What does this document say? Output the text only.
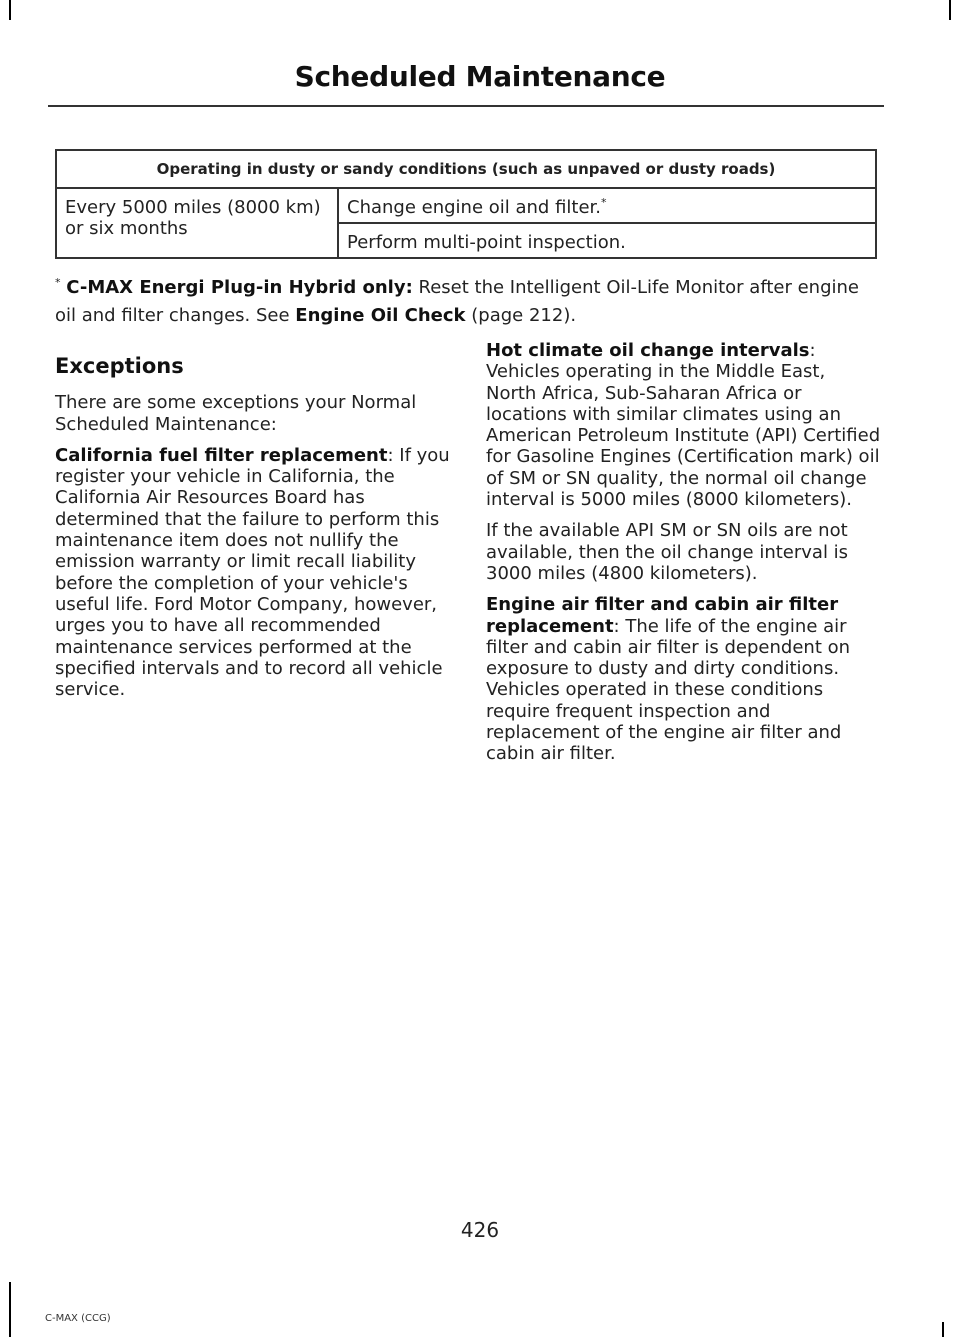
Scheduled Maintenance
Operating in dusty or sandy conditions (such as unpaved or dusty roads)
Every 5000 miles (8000 km) or six months	Change engine oil and filter.*
Perform multi-point inspection.

* C-MAX Energi Plug-in Hybrid only: Reset the Intelligent Oil-Life Monitor after engine oil and filter changes. See Engine Oil Check (page 212).

Exceptions

There are some exceptions your Normal Scheduled Maintenance:

California fuel filter replacement: If you register your vehicle in California, the California Air Resources Board has determined that the failure to perform this maintenance item does not nullify the emission warranty or limit recall liability before the completion of your vehicle's useful life. Ford Motor Company, however, urges you to have all recommended maintenance services performed at the specified intervals and to record all vehicle service.

Hot climate oil change intervals: Vehicles operating in the Middle East, North Africa, Sub-Saharan Africa or locations with similar climates using an American Petroleum Institute (API) Certified for Gasoline Engines (Certification mark) oil of SM or SN quality, the normal oil change interval is 5000 miles (8000 kilometers).

If the available API SM or SN oils are not available, then the oil change interval is 3000 miles (4800 kilometers).

Engine air filter and cabin air filter replacement: The life of the engine air filter and cabin air filter is dependent on exposure to dusty and dirty conditions. Vehicles operated in these conditions require frequent inspection and replacement of the engine air filter and cabin air filter.

426
C-MAX (CCG)
